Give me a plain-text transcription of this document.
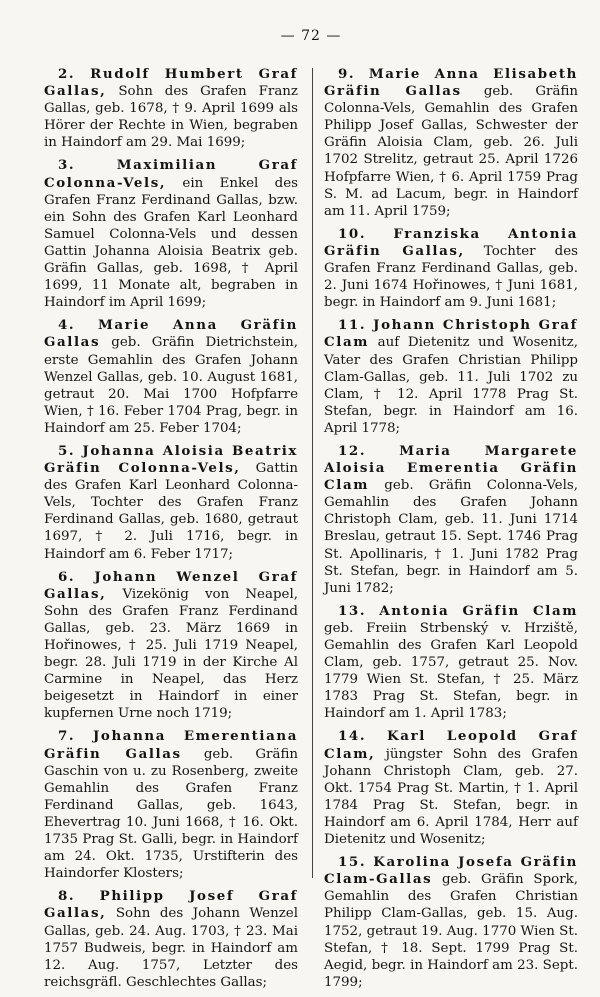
— 72 —

2. Rudolf Humbert Graf Gallas, Sohn des Grafen Franz Gallas, geb. 1678, † 9. April 1699 als Hörer der Rechte in Wien, begraben in Haindorf am 29. Mai 1699;

3. Maximilian Graf Colonna-Vels, ein Enkel des Grafen Franz Ferdinand Gallas, bzw. ein Sohn des Grafen Karl Leonhard Samuel Colonna-Vels und dessen Gattin Johanna Aloisia Beatrix geb. Gräfin Gallas, geb. 1698, † April 1699, 11 Monate alt, begraben in Haindorf im April 1699;

4. Marie Anna Gräfin Gallas geb. Gräfin Dietrichstein, erste Gemahlin des Grafen Johann Wenzel Gallas, geb. 10. August 1681, getraut 20. Mai 1700 Hofpfarre Wien, † 16. Feber 1704 Prag, begr. in Haindorf am 25. Feber 1704;

5. Johanna Aloisia Beatrix Gräfin Colonna-Vels, Gattin des Grafen Karl Leonhard Colonna-Vels, Tochter des Grafen Franz Ferdinand Gallas, geb. 1680, getraut 1697, † 2. Juli 1716, begr. in Haindorf am 6. Feber 1717;

6. Johann Wenzel Graf Gallas, Vizekönig von Neapel, Sohn des Grafen Franz Ferdinand Gallas, geb. 23. März 1669 in Hořinowes, † 25. Juli 1719 Neapel, begr. 28. Juli 1719 in der Kirche Al Carmine in Neapel, das Herz beigesetzt in Haindorf in einer kupfernen Urne noch 1719;

7. Johanna Emerentiana Gräfin Gallas geb. Gräfin Gaschin von u. zu Rosenberg, zweite Gemahlin des Grafen Franz Ferdinand Gallas, geb. 1643, Ehevertrag 10. Juni 1668, † 16. Okt. 1735 Prag St. Galli, begr. in Haindorf am 24. Okt. 1735, Urstifterin des Haindorfer Klosters;

8. Philipp Josef Graf Gallas, Sohn des Johann Wenzel Gallas, geb. 24. Aug. 1703, † 23. Mai 1757 Budweis, begr. in Haindorf am 12. Aug. 1757, Letzter des reichsgräfl. Geschlechtes Gallas;

9. Marie Anna Elisabeth Gräfin Gallas geb. Gräfin Colonna-Vels, Gemahlin des Grafen Philipp Josef Gallas, Schwester der Gräfin Aloisia Clam, geb. 26. Juli 1702 Strelitz, getraut 25. April 1726 Hofpfarre Wien, † 6. April 1759 Prag S. M. ad Lacum, begr. in Haindorf am 11. April 1759;

10. Franziska Antonia Gräfin Gallas, Tochter des Grafen Franz Ferdinand Gallas, geb. 2. Juni 1674 Hořinowes, † Juni 1681, begr. in Haindorf am 9. Juni 1681;

11. Johann Christoph Graf Clam auf Dietenitz und Wosenitz, Vater des Grafen Christian Philipp Clam-Gallas, geb. 11. Juli 1702 zu Clam, † 12. April 1778 Prag St. Stefan, begr. in Haindorf am 16. April 1778;

12. Maria Margarete Aloisia Emerentia Gräfin Clam geb. Gräfin Colonna-Vels, Gemahlin des Grafen Johann Christoph Clam, geb. 11. Juni 1714 Breslau, getraut 15. Sept. 1746 Prag St. Apollinaris, † 1. Juni 1782 Prag St. Stefan, begr. in Haindorf am 5. Juni 1782;

13. Antonia Gräfin Clam geb. Freiin Strbenský v. Hrziště, Gemahlin des Grafen Karl Leopold Clam, geb. 1757, getraut 25. Nov. 1779 Wien St. Stefan, † 25. März 1783 Prag St. Stefan, begr. in Haindorf am 1. April 1783;

14. Karl Leopold Graf Clam, jüngster Sohn des Grafen Johann Christoph Clam, geb. 27. Okt. 1754 Prag St. Martin, † 1. April 1784 Prag St. Stefan, begr. in Haindorf am 6. April 1784, Herr auf Dietenitz und Wosenitz;

15. Karolina Josefa Gräfin Clam-Gallas geb. Gräfin Spork, Gemahlin des Grafen Christian Philipp Clam-Gallas, geb. 15. Aug. 1752, getraut 19. Aug. 1770 Wien St. Stefan, † 18. Sept. 1799 Prag St. Aegid, begr. in Haindorf am 23. Sept. 1799;
